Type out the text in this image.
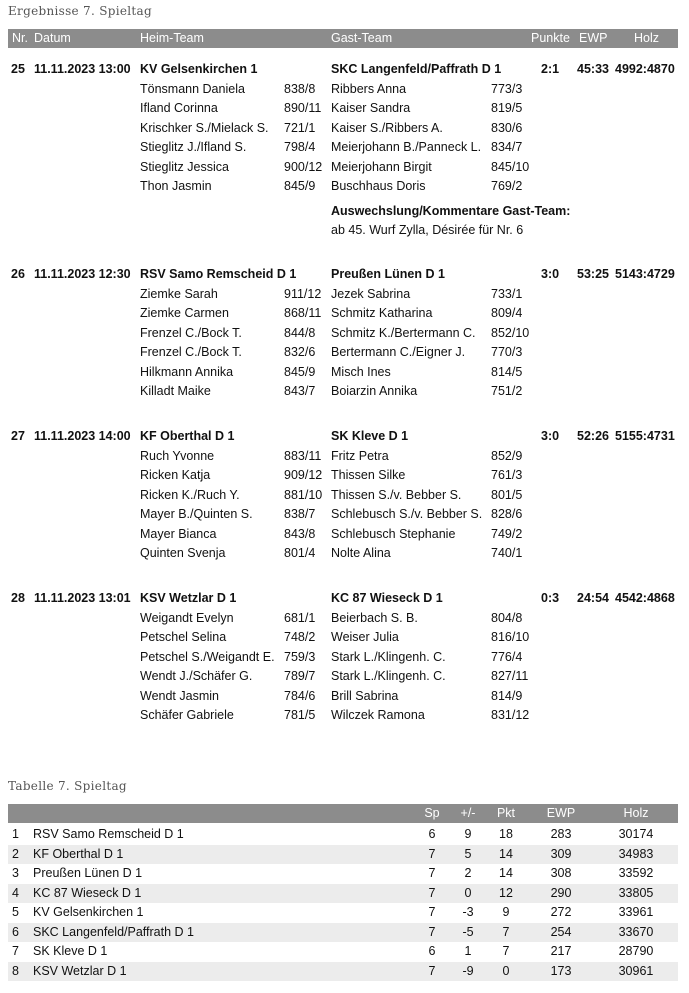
Ergebnisse 7. Spieltag
Nr. Datum	Heim-Team	Gast-Team	Punkte EWP Holz
25 11.11.2023 13:00 KV Gelsenkirchen 1	SKC Langenfeld/Paffrath D 1	2:1 45:33 4992:4870
Tönsmann Daniela	838/8 Ribbers Anna	773/3
Ifland Corinna	890/11 Kaiser Sandra	819/5
Krischker S./Mielack S. 721/1 Kaiser S./Ribbers A.	830/6
Stieglitz J./Ifland S.	798/4 Meierjohann B./Panneck L. 834/7
Stieglitz Jessica	900/12 Meierjohann Birgit	845/10
Thon Jasmin	845/9 Buschhaus Doris	769/2
Auswechslung/Kommentare Gast-Team:
ab 45. Wurf Zylla, Désirée für Nr. 6
26 11.11.2023 12:30 RSV Samo Remscheid D 1	Preußen Lünen D 1	3:0 53:25 5143:4729
Ziemke Sarah	911/12 Jezek Sabrina	733/1
Ziemke Carmen	868/11 Schmitz Katharina	809/4
Frenzel C./Bock T.	844/8 Schmitz K./Bertermann C. 852/10
Frenzel C./Bock T.	832/6 Bertermann C./Eigner J. 770/3
Hilkmann Annika	845/9 Misch Ines	814/5
Killadt Maike	843/7 Boiarzin Annika	751/2
27 11.11.2023 14:00 KF Oberthal D 1	SK Kleve D 1	3:0 52:26 5155:4731
Ruch Yvonne	883/11 Fritz Petra	852/9
Ricken Katja	909/12 Thissen Silke	761/3
Ricken K./Ruch Y.	881/10 Thissen S./v. Bebber S. 801/5
Mayer B./Quinten S.	838/7 Schlebusch S./v. Bebber S. 828/6
Mayer Bianca	843/8 Schlebusch Stephanie	749/2
Quinten Svenja	801/4 Nolte Alina	740/1
28 11.11.2023 13:01 KSV Wetzlar D 1	KC 87 Wieseck D 1	0:3 24:54 4542:4868
Weigandt Evelyn	681/1 Beierbach S. B.	804/8
Petschel Selina	748/2 Weiser Julia	816/10
Petschel S./Weigandt E. 759/3 Stark L./Klingenh. C.	776/4
Wendt J./Schäfer G.	789/7 Stark L./Klingenh. C.	827/11
Wendt Jasmin	784/6 Brill Sabrina	814/9
Schäfer Gabriele	781/5 Wilczek Ramona	831/12
Tabelle 7. Spieltag
Sp	+/-	Pkt	EWP	Holz
1 RSV Samo Remscheid D 1	6	9	18	283	30174
2 KF Oberthal D 1	7	5	14	309	34983
3 Preußen Lünen D 1	7	2	14	308	33592
4 KC 87 Wieseck D 1	7	0	12	290	33805
5 KV Gelsenkirchen 1	7	-3	9	272	33961
6 SKC Langenfeld/Paffrath D 1	7	-5	7	254	33670
7 SK Kleve D 1	6	1	7	217	28790
8 KSV Wetzlar D 1	7	-9	0	173	30961
